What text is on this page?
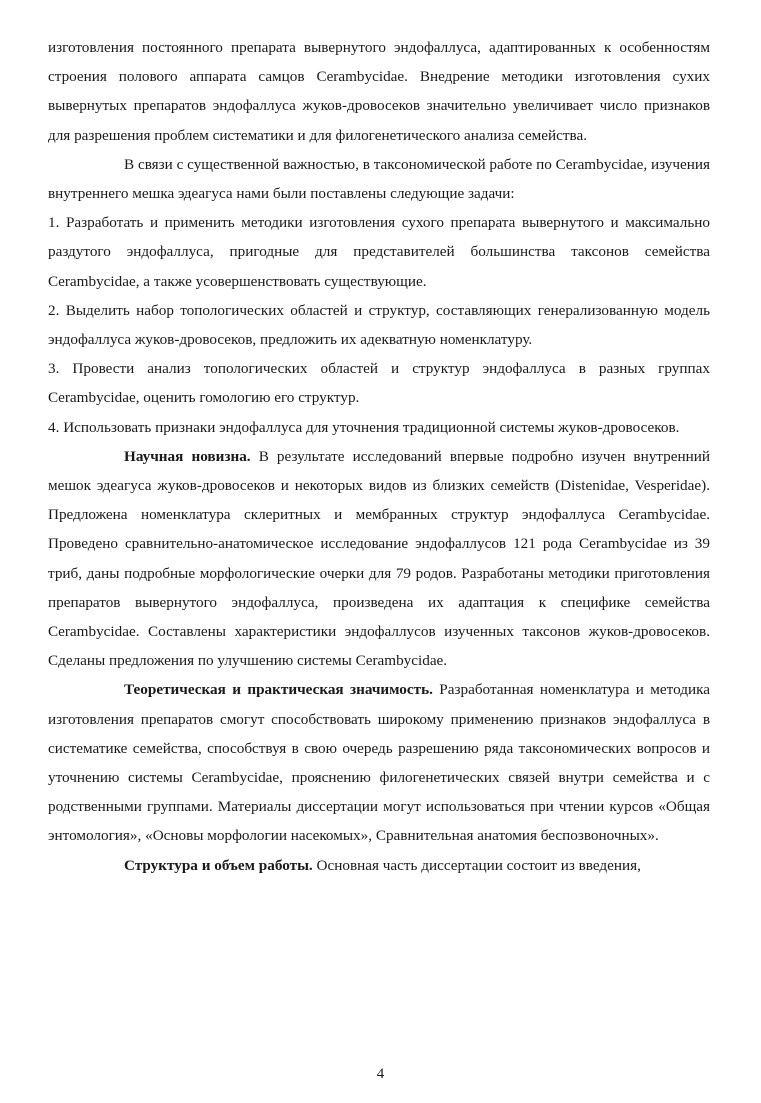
изготовления постоянного препарата вывернутого эндофаллуса, адаптированных к особенностям строения полового аппарата самцов Cerambycidae. Внедрение методики изготовления сухих вывернутых препаратов эндофаллуса жуков-дровосеков значительно увеличивает число признаков для разрешения проблем систематики и для филогенетического анализа семейства.

В связи с существенной важностью, в таксономической работе по Cerambycidae, изучения внутреннего мешка эдеагуса нами были поставлены следующие задачи:

1. Разработать и применить методики изготовления сухого препарата вывернутого и максимально раздутого эндофаллуса, пригодные для представителей большинства таксонов семейства Cerambycidae, а также усовершенствовать существующие.

2. Выделить набор топологических областей и структур, составляющих генерализованную модель эндофаллуса жуков-дровосеков, предложить их адекватную номенклатуру.

3. Провести анализ топологических областей и структур эндофаллуса в разных группах Cerambycidae, оценить гомологию его структур.

4. Использовать признаки эндофаллуса для уточнения традиционной системы жуков-дровосеков.

Научная новизна. В результате исследований впервые подробно изучен внутренний мешок эдеагуса жуков-дровосеков и некоторых видов из близких семейств (Distenidae, Vesperidae). Предложена номенклатура склеритных и мембранных структур эндофаллуса Cerambycidae. Проведено сравнительно-анатомическое исследование эндофаллусов 121 рода Cerambycidae из 39 триб, даны подробные морфологические очерки для 79 родов. Разработаны методики приготовления препаратов вывернутого эндофаллуса, произведена их адаптация к специфике семейства Cerambycidae. Составлены характеристики эндофаллусов изученных таксонов жуков-дровосеков. Сделаны предложения по улучшению системы Cerambycidae.

Теоретическая и практическая значимость. Разработанная номенклатура и методика изготовления препаратов смогут способствовать широкому применению признаков эндофаллуса в систематике семейства, способствуя в свою очередь разрешению ряда таксономических вопросов и уточнению системы Cerambycidae, прояснению филогенетических связей внутри семейства и с родственными группами. Материалы диссертации могут использоваться при чтении курсов «Общая энтомология», «Основы морфологии насекомых», Сравнительная анатомия беспозвоночных».

Структура и объем работы. Основная часть диссертации состоит из введения,

4
